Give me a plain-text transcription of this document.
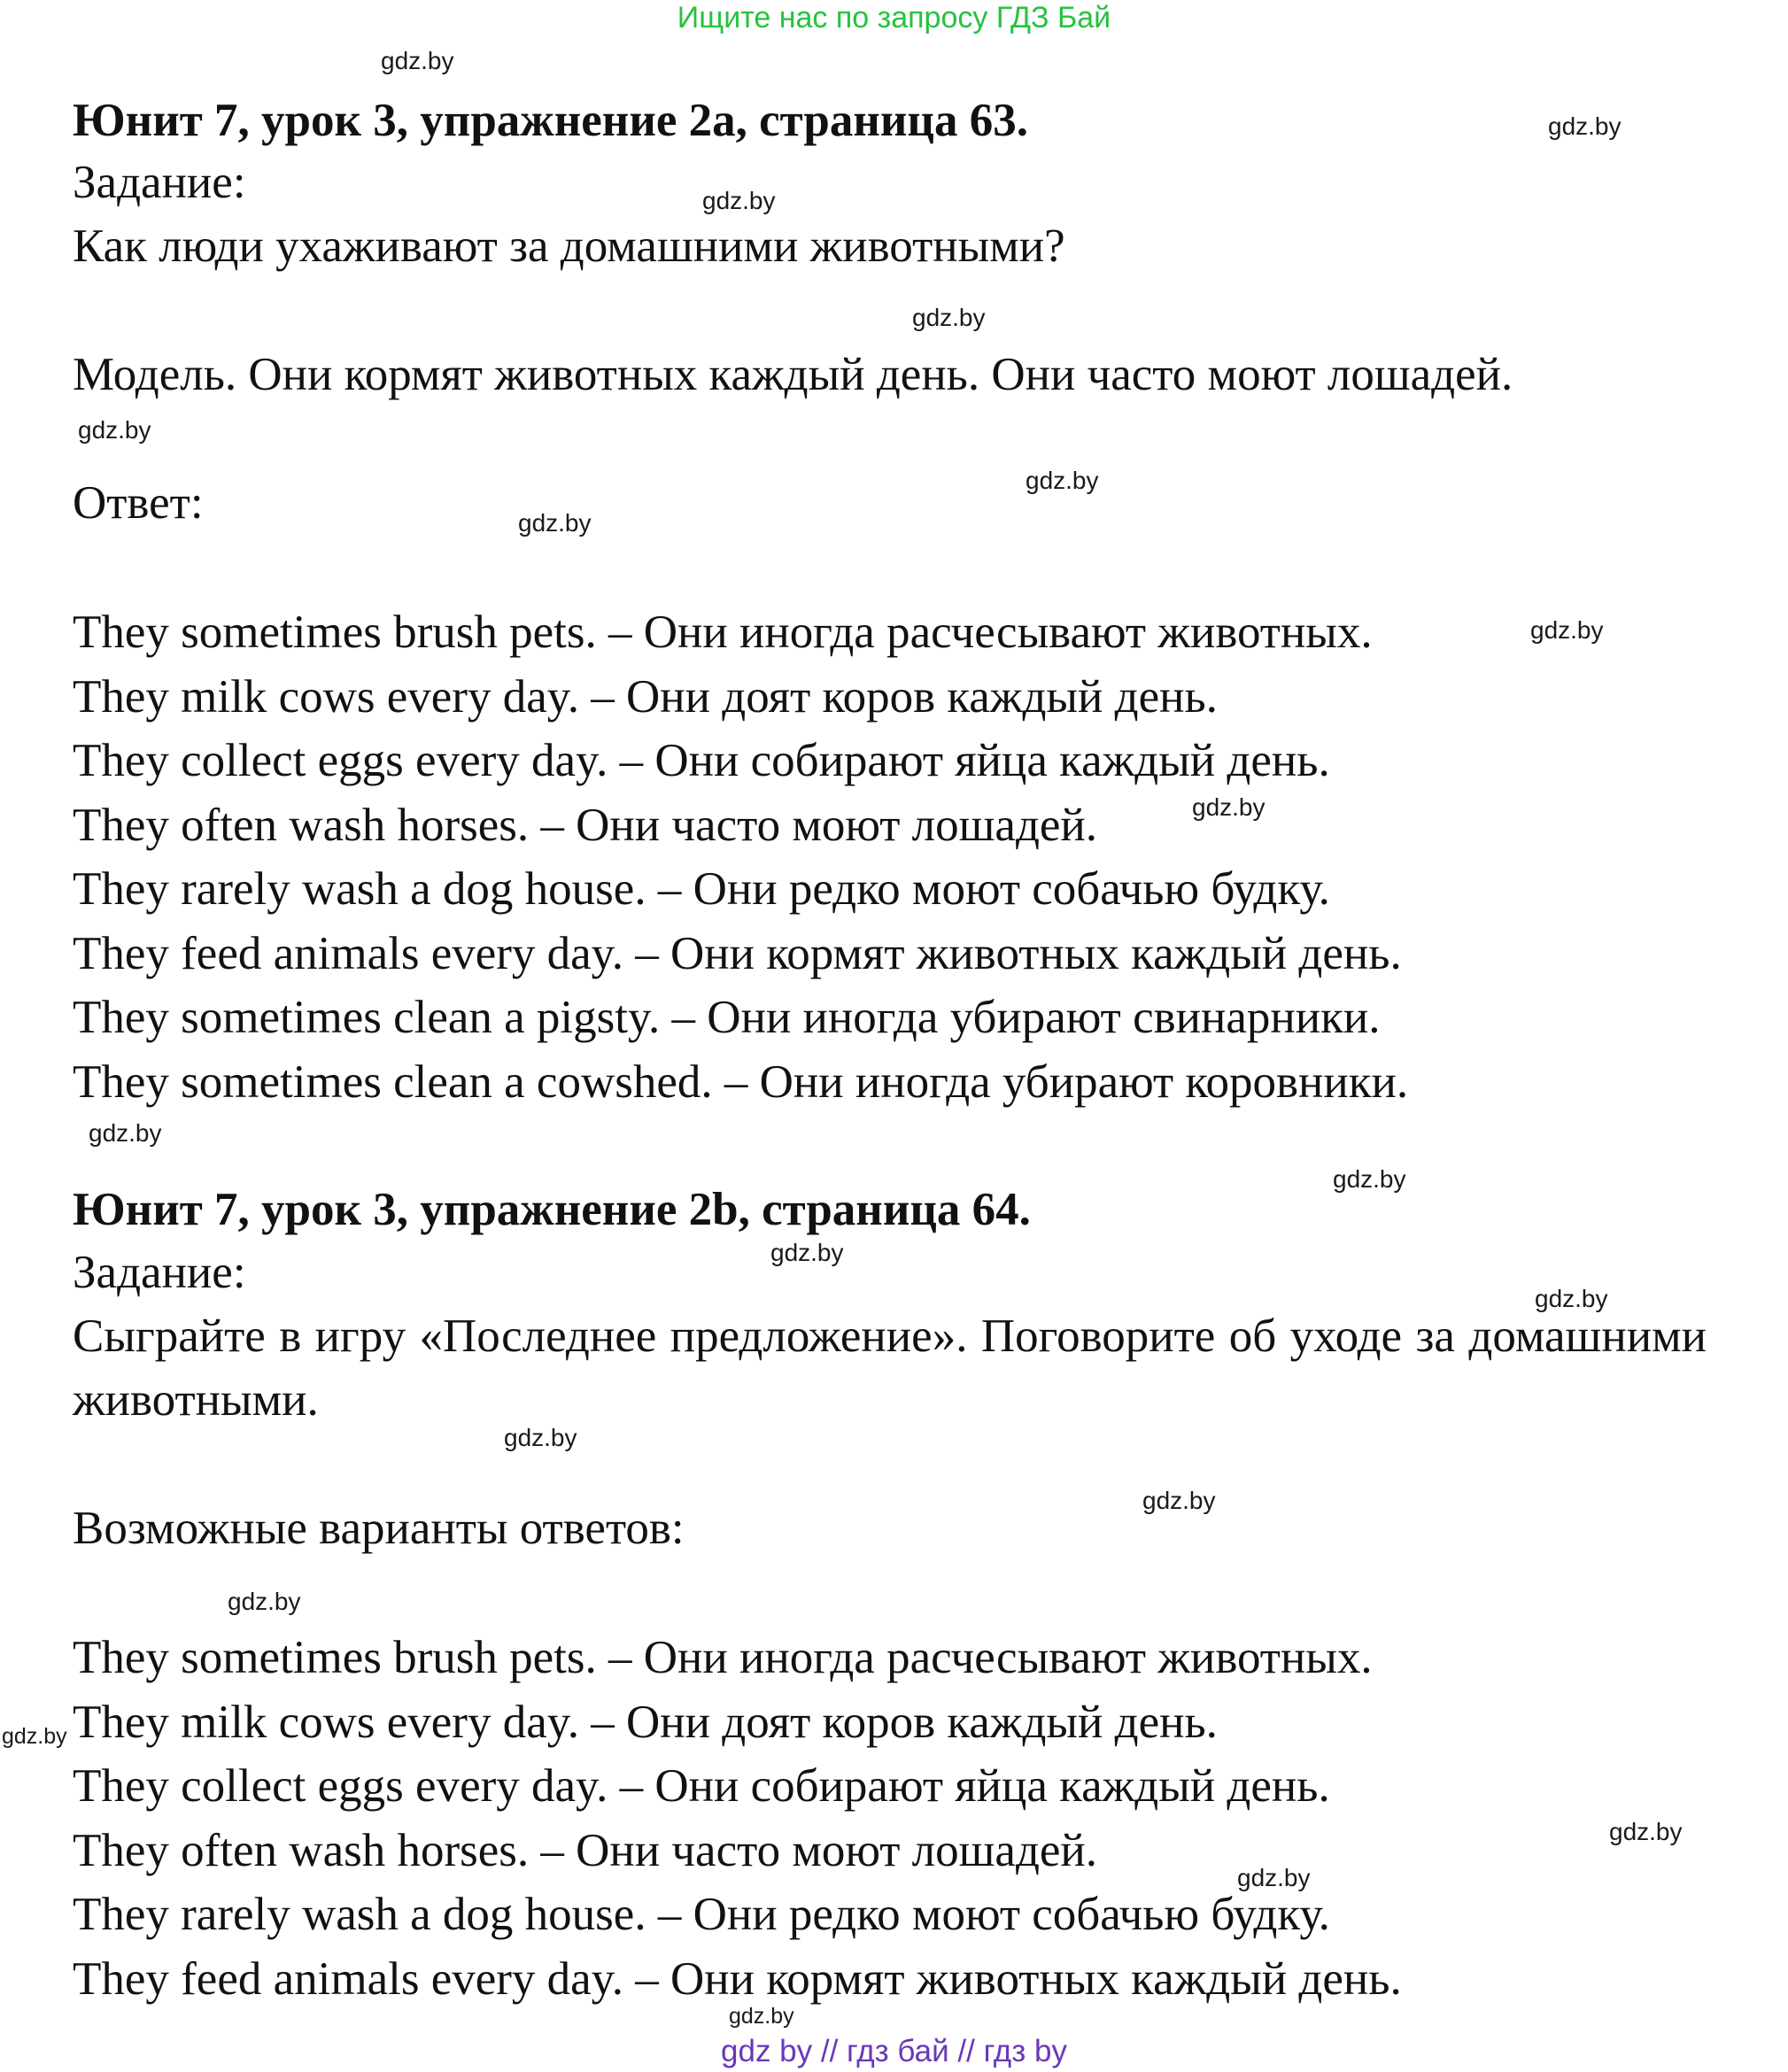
Ищите нас по запросу ГДЗ Бай
Юнит 7, урок 3, упражнение 2a, страница 63.
Задание:
Как люди ухаживают за домашними животными?
Модель. Они кормят животных каждый день. Они часто моют лошадей.
Ответ:
They sometimes brush pets. – Они иногда расчесывают животных.
They milk cows every day. – Они доят коров каждый день.
They collect eggs every day. – Они собирают яйца каждый день.
They often wash horses. – Они часто моют лошадей.
They rarely wash a dog house. – Они редко моют собачью будку.
They feed animals every day. – Они кормят животных каждый день.
They sometimes clean a pigsty. – Они иногда убирают свинарники.
They sometimes clean a cowshed. – Они иногда убирают коровники.
Юнит 7, урок 3, упражнение 2b, страница 64.
Задание:
Сыграйте в игру «Последнее предложение». Поговорите об уходе за домашними животными.
Возможные варианты ответов:
They sometimes brush pets. – Они иногда расчесывают животных.
They milk cows every day. – Они доят коров каждый день.
They collect eggs every day. – Они собирают яйца каждый день.
They often wash horses. – Они часто моют лошадей.
They rarely wash a dog house. – Они редко моют собачью будку.
They feed animals every day. – Они кормят животных каждый день.
gdz.by
gdz.by
gdz.by
gdz.by
gdz.by
gdz.by
gdz.by
gdz.by
gdz.by
gdz.by
gdz.by
gdz.by
gdz.by
gdz.by
gdz.by
gdz.by
gdz.by
gdz.by
gdz.by
gdz.by
gdz by // гдз бай // гдз by
